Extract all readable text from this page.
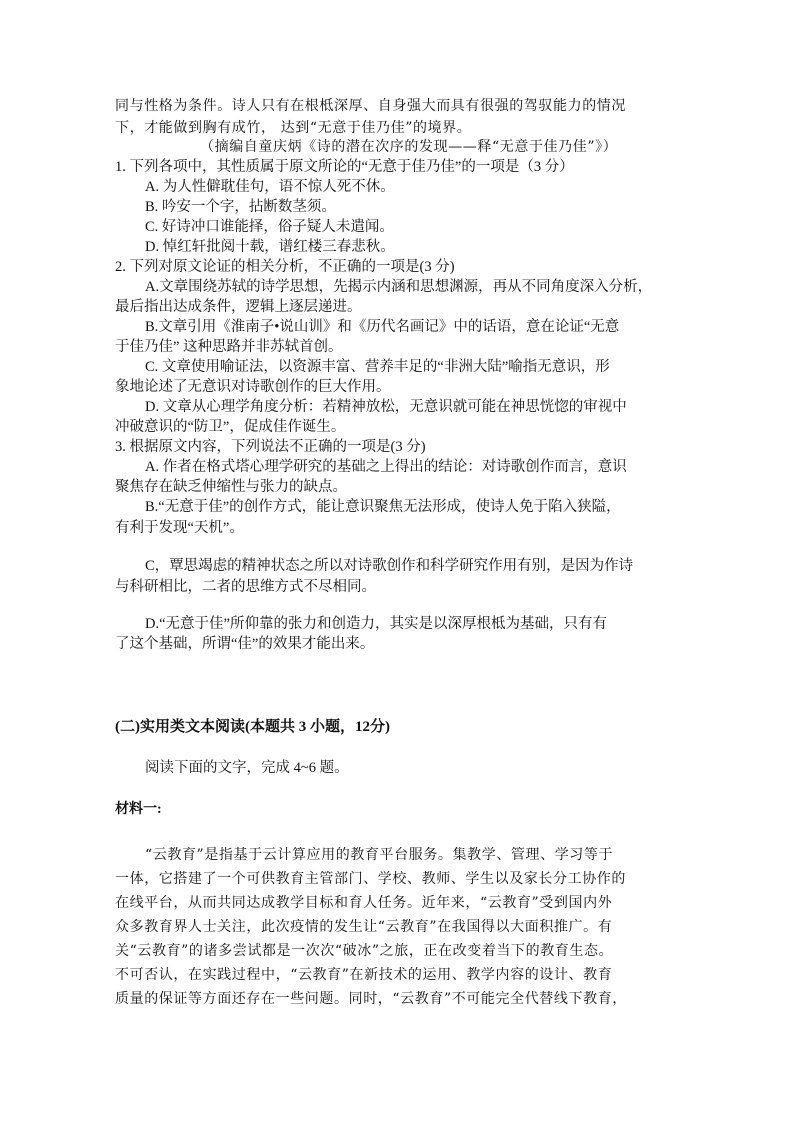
同与性格为条件。诗人只有在根柢深厚、自身强大而具有很强的驾驭能力的情况
下，才能做到胸有成竹， 达到“无意于佳乃佳”的境界。
（摘编自童庆炳《诗的潜在次序的发现——释“无意于佳乃佳”》）
1. 下列各项中，其性质属于原文所论的“无意于佳乃佳”的一项是（3 分）
A. 为人性僻耽佳句，语不惊人死不休。
B. 吟安一个字，拈断数茎须。
C. 好诗冲口谁能择，俗子疑人未遣闻。
D. 悼红轩批阅十载，谱红楼三春悲秋。
2. 下列对原文论证的相关分析，不正确的一项是(3 分)
A.文章围绕苏轼的诗学思想，先揭示内涵和思想渊源，再从不同角度深入分析，
最后指出达成条件，逻辑上逐层递进。
B.文章引用《淮南子•说山训》和《历代名画记》中的话语，意在论证“无意
于佳乃佳” 这种思路并非苏轼首创。
C. 文章使用喻证法，以资源丰富、营养丰足的“非洲大陆”喻指无意识，形
象地论述了无意识对诗歌创作的巨大作用。
D. 文章从心理学角度分析：若精神放松，无意识就可能在神思恍惚的审视中
冲破意识的“防卫”，促成佳作诞生。
3. 根据原文内容，下列说法不正确的一项是(3 分)
A. 作者在格式塔心理学研究的基础之上得出的结论：对诗歌创作而言，意识
聚焦存在缺乏伸缩性与张力的缺点。
B.“无意于佳”的创作方式，能让意识聚焦无法形成，使诗人免于陷入狭隘，
有利于发现“天机”。
C，覃思竭虑的精神状态之所以对诗歌创作和科学研究作用有别，是因为作诗
与科研相比，二者的思维方式不尽相同。
D.“无意于佳”所仰靠的张力和创造力，其实是以深厚根柢为基础，只有有
了这个基础，所谓“佳”的效果才能出来。
(二)实用类文本阅读(本题共 3 小题，12分)
阅读下面的文字，完成 4~6 题。
材料一:
“云教育”是指基于云计算应用的教育平台服务。集教学、管理、学习等于
一体，它搭建了一个可供教育主管部门、学校、教师、学生以及家长分工协作的
在线平台，从而共同达成教学目标和育人任务。近年来，“云教育”受到国内外
众多教育界人士关注，此次疫情的发生让“云教育”在我国得以大面积推广。有
关“云教育”的诸多尝试都是一次次“破冰”之旅，正在改变着当下的教育生态。
不可否认，在实践过程中，“云教育”在新技术的运用、教学内容的设计、教育
质量的保证等方面还存在一些问题。同时，“云教育”不可能完全代替线下教育，
